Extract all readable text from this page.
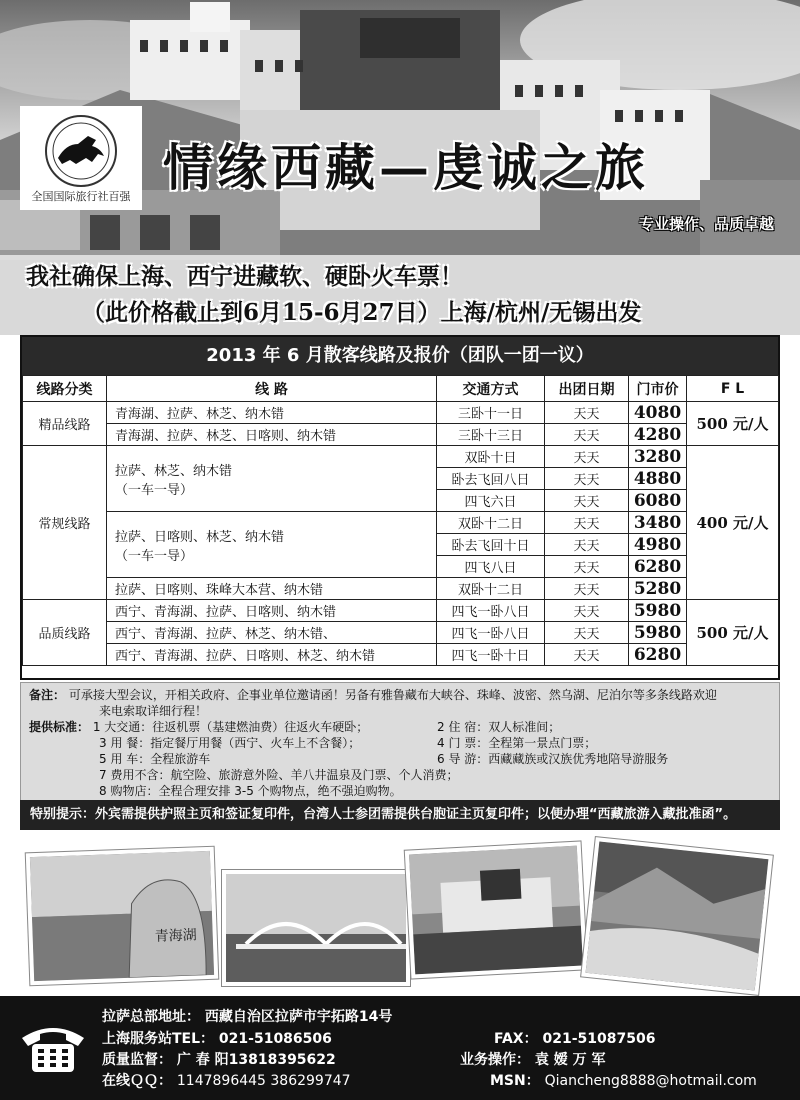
全国国际旅行社百强 情缘西藏—虔诚之旅
专业操作、品质卓越
我社确保上海、西宁进藏软、硬卧火车票！
（此价格截止到6月15-6月27日）上海/杭州/无锡出发
2013 年 6 月散客线路及报价（团队一团一议）
线路分类	线 路	交通方式	出团日期	门市价	F L
精品线路	青海湖、拉萨、林芝、纳木错	三卧十一日	天天	4080	500 元/人
	青海湖、拉萨、林芝、日喀则、纳木错	三卧十三日	天天	4280	
常规线路	拉萨、林芝、纳木错
（一车一导）	双卧十日	天天	3280	400 元/人
		卧去飞回八日	天天	4880	
		四飞六日	天天	6080	

	拉萨、日喀则、林芝、纳木错
（一车一导）	双卧十二日	天天	3480	
		卧去飞回十日	天天	4980	
		四飞八日	天天	6280	
	拉萨、日喀则、珠峰大本营、纳木错	双卧十二日	天天	5280	
品质线路	西宁、青海湖、拉萨、日喀则、纳木错	四飞一卧八日	天天	5980	500 元/人
	西宁、青海湖、拉萨、林芝、纳木错、	四飞一卧八日	天天	5980	
	西宁、青海湖、拉萨、日喀则、林芝、纳木错	四飞一卧十日	天天	6280	
备注： 可承接大型会议，开相关政府、企事业单位邀请函！另备有雅鲁藏布大峡谷、珠峰、波密、然乌湖、尼泊尔等多条线路欢迎
来电索取详细行程！
提供标准： 1 大交通：往返机票（基建燃油费）往返火车硬卧；	2 住 宿：双人标准间；
3 用 餐：指定餐厅用餐（西宁、火车上不含餐）；	4 门 票：全程第一景点门票；
5 用 车：全程旅游车	6 导 游：西藏藏族或汉族优秀地陪导游服务
7 费用不含：航空险、旅游意外险、羊八井温泉及门票、个人消费；
8 购物店：全程合理安排 3-5 个购物点，绝不强迫购物。
特别提示：外宾需提供护照主页和签证复印件，台湾人士参团需提供台胞证主页复印件；以便办理“西藏旅游入藏批准函”。
青海湖
拉萨总部地址： 西藏自治区拉萨市宇拓路14号
上海服务站TEL： 021-51086506	FAX： 021-51087506
质量监督： 广 春 阳13818395622	业务操作： 袁 嫒 万 军
在线ＱＱ： 1147896445 386299747	MSN： Qiancheng8888@hotmail.com
